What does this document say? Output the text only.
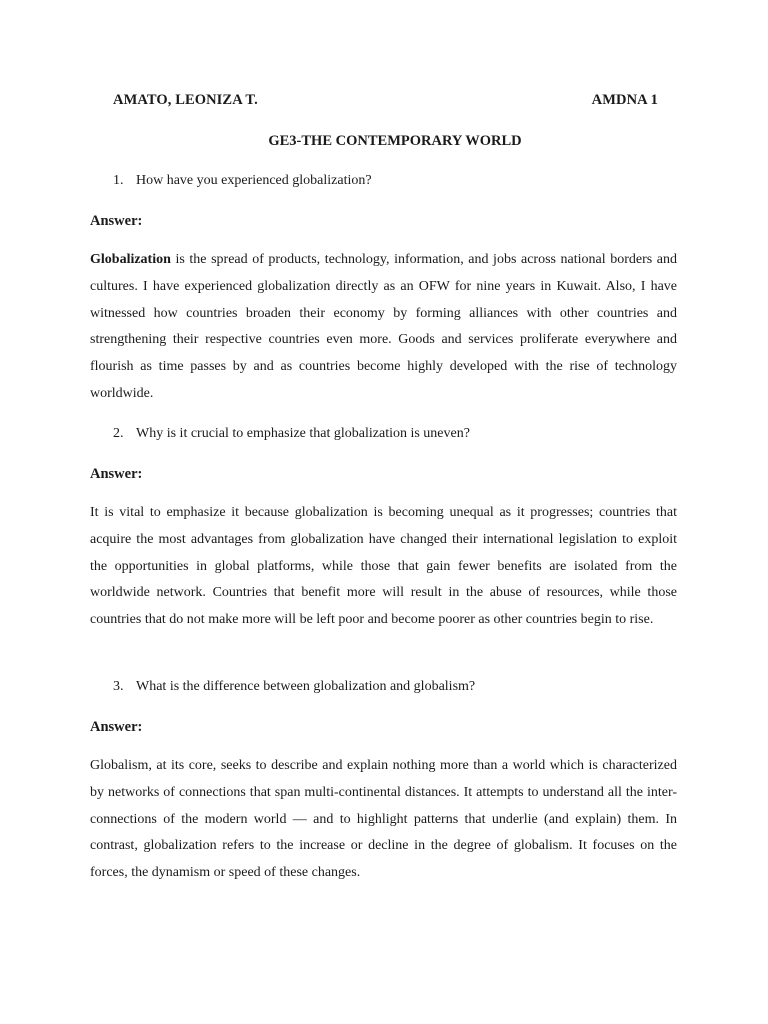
AMATO, LEONIZA T.	AMDNA 1
GE3-THE CONTEMPORARY WORLD
1. How have you experienced globalization?
Answer:
Globalization is the spread of products, technology, information, and jobs across national borders and cultures. I have experienced globalization directly as an OFW for nine years in Kuwait. Also, I have witnessed how countries broaden their economy by forming alliances with other countries and strengthening their respective countries even more. Goods and services proliferate everywhere and flourish as time passes by and as countries become highly developed with the rise of technology worldwide.
2. Why is it crucial to emphasize that globalization is uneven?
Answer:
It is vital to emphasize it because globalization is becoming unequal as it progresses; countries that acquire the most advantages from globalization have changed their international legislation to exploit the opportunities in global platforms, while those that gain fewer benefits are isolated from the worldwide network. Countries that benefit more will result in the abuse of resources, while those countries that do not make more will be left poor and become poorer as other countries begin to rise.
3. What is the difference between globalization and globalism?
Answer:
Globalism, at its core, seeks to describe and explain nothing more than a world which is characterized by networks of connections that span multi-continental distances. It attempts to understand all the inter-connections of the modern world — and to highlight patterns that underlie (and explain) them. In contrast, globalization refers to the increase or decline in the degree of globalism. It focuses on the forces, the dynamism or speed of these changes.
